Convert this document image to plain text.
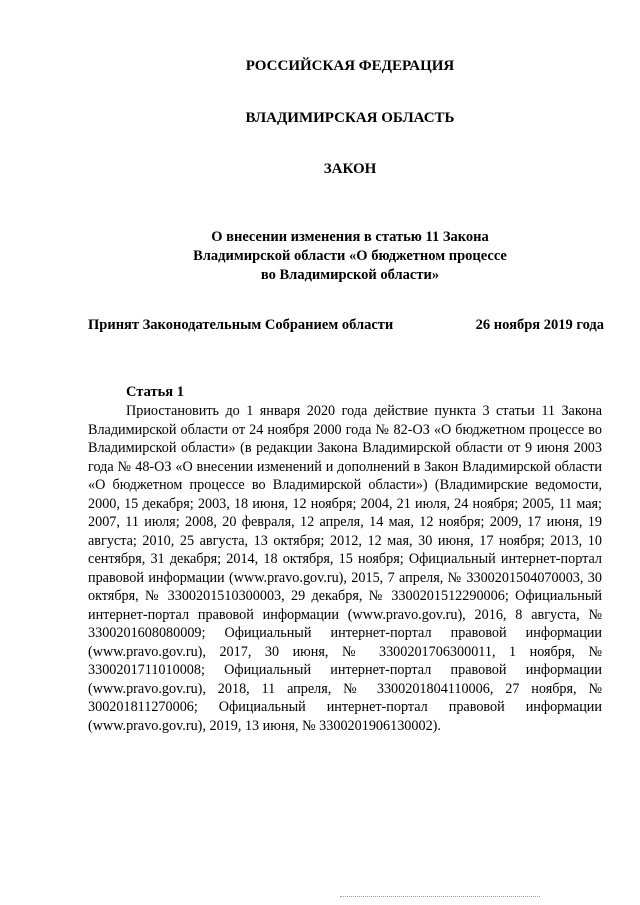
РОССИЙСКАЯ ФЕДЕРАЦИЯ
ВЛАДИМИРСКАЯ ОБЛАСТЬ
ЗАКОН
О внесении изменения в статью 11 Закона
Владимирской области «О бюджетном процессе
во Владимирской области»
Принят Законодательным Собранием области	26 ноября 2019 года
Статья 1
Приостановить до 1 января 2020 года действие пункта 3 статьи 11 Закона Владимирской области от 24 ноября 2000 года № 82-ОЗ «О бюджетном процессе во Владимирской области» (в редакции Закона Владимирской области от 9 июня 2003 года № 48-ОЗ «О внесении изменений и дополнений в Закон Владимирской области «О бюджетном процессе во Владимирской области») (Владимирские ведомости, 2000, 15 декабря; 2003, 18 июня, 12 ноября; 2004, 21 июля, 24 ноября; 2005, 11 мая; 2007, 11 июля; 2008, 20 февраля, 12 апреля, 14 мая, 12 ноября; 2009, 17 июня, 19 августа; 2010, 25 августа, 13 октября; 2012, 12 мая, 30 июня, 17 ноября; 2013, 10 сентября, 31 декабря; 2014, 18 октября, 15 ноября; Официальный интернет-портал правовой информации (www.pravo.gov.ru), 2015, 7 апреля, № 3300201504070003, 30 октября, № 3300201510300003, 29 декабря, № 3300201512290006; Официальный интернет-портал правовой информации (www.pravo.gov.ru), 2016, 8 августа, № 3300201608080009; Официальный интернет-портал правовой информации (www.pravo.gov.ru), 2017, 30 июня, № 3300201706300011, 1 ноября, № 3300201711010008; Официальный интернет-портал правовой информации (www.pravo.gov.ru), 2018, 11 апреля, № 3300201804110006, 27 ноября, № 300201811270006; Официальный интернет-портал правовой информации (www.pravo.gov.ru), 2019, 13 июня, № 3300201906130002).
